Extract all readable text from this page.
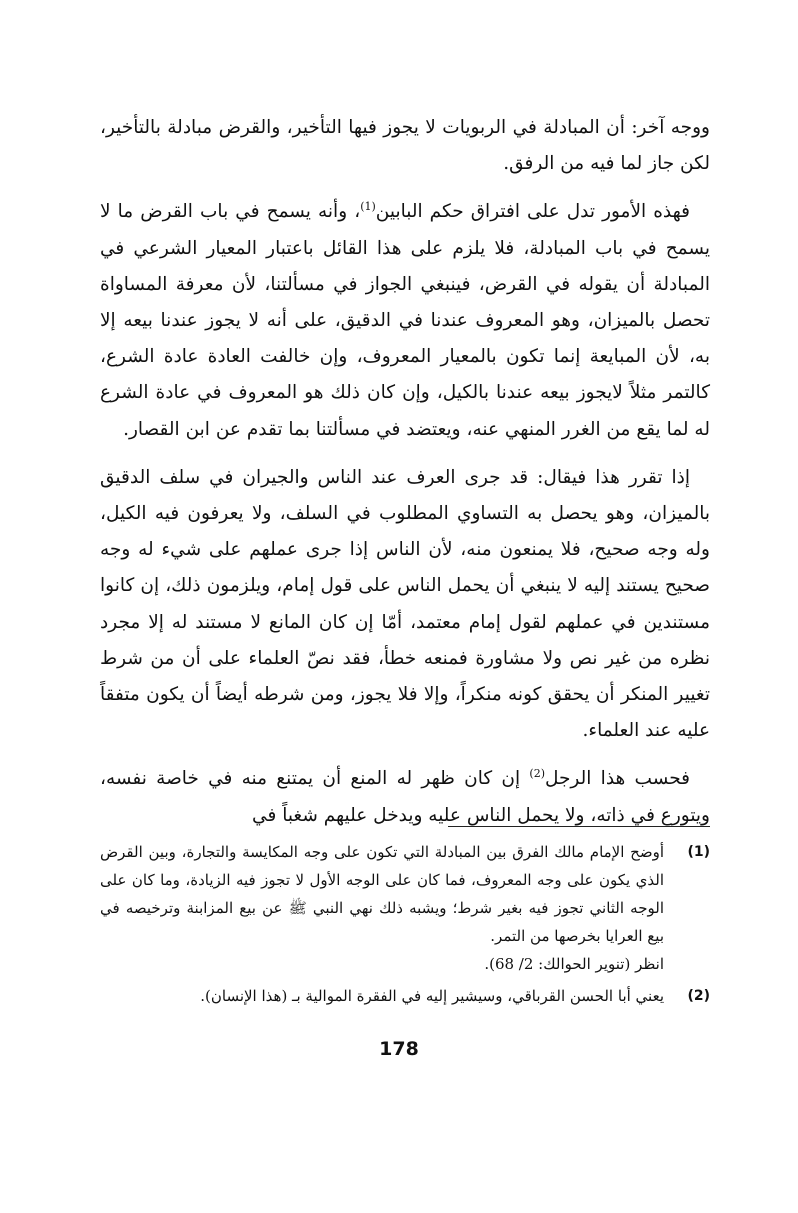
ووجه آخر: أن المبادلة في الربويات لا يجوز فيها التأخير، والقرض مبادلة بالتأخير، لكن جاز لما فيه من الرفق.
فهذه الأمور تدل على افتراق حكم البابين$^{(1)}$، وأنه يسمح في باب القرض ما لا يسمح في باب المبادلة، فلا يلزم على هذا القائل باعتبار المعيار الشرعي في المبادلة أن يقوله في القرض، فينبغي الجواز في مسألتنا، لأن معرفة المساواة تحصل بالميزان، وهو المعروف عندنا في الدقيق، على أنه لا يجوز عندنا بيعه إلا به، لأن المبايعة إنما تكون بالمعيار المعروف، وإن خالفت العادة عادة الشرع، كالتمر مثلاً لايجوز بيعه عندنا بالكيل، وإن كان ذلك هو المعروف في عادة الشرع له لما يقع من الغرر المنهي عنه، ويعتضد في مسألتنا بما تقدم عن ابن القصار.
إذا تقرر هذا فيقال: قد جرى العرف عند الناس والجيران في سلف الدقيق بالميزان، وهو يحصل به التساوي المطلوب في السلف، ولا يعرفون فيه الكيل، وله وجه صحيح، فلا يمنعون منه، لأن الناس إذا جرى عملهم على شيء له وجه صحيح يستند إليه لا ينبغي أن يحمل الناس على قول إمام، ويلزمون ذلك، إن كانوا مستندين في عملهم لقول إمام معتمد، أمّا إن كان المانع لا مستند له إلا مجرد نظره من غير نص ولا مشاورة فمنعه خطأ، فقد نصّ العلماء على أن من شرط تغيير المنكر أن يحقق كونه منكراً، وإلا فلا يجوز، ومن شرطه أيضاً أن يكون متفقاً عليه عند العلماء.
فحسب هذا الرجل$^{(2)}$ إن كان ظهر له المنع أن يمتنع منه في خاصة نفسه، ويتورع في ذاته، ولا يحمل الناس عليه ويدخل عليهم شغباً في
(1)
أوضح الإمام مالك الفرق بين المبادلة التي تكون على وجه المكايسة والتجارة، وبين القرض الذي يكون على وجه المعروف، فما كان على الوجه الأول لا تجوز فيه الزيادة، وما كان على الوجه الثاني تجوز فيه بغير شرط؛ ويشبه ذلك نهي النبي ﷺ عن بيع المزابنة وترخيصه في بيع العرايا بخرصها من التمر.
انظر (تنوير الحوالك: 2/ 68).
(2)
يعني أبا الحسن القرباقي، وسيشير إليه في الفقرة الموالية بـ (هذا الإنسان).
178
